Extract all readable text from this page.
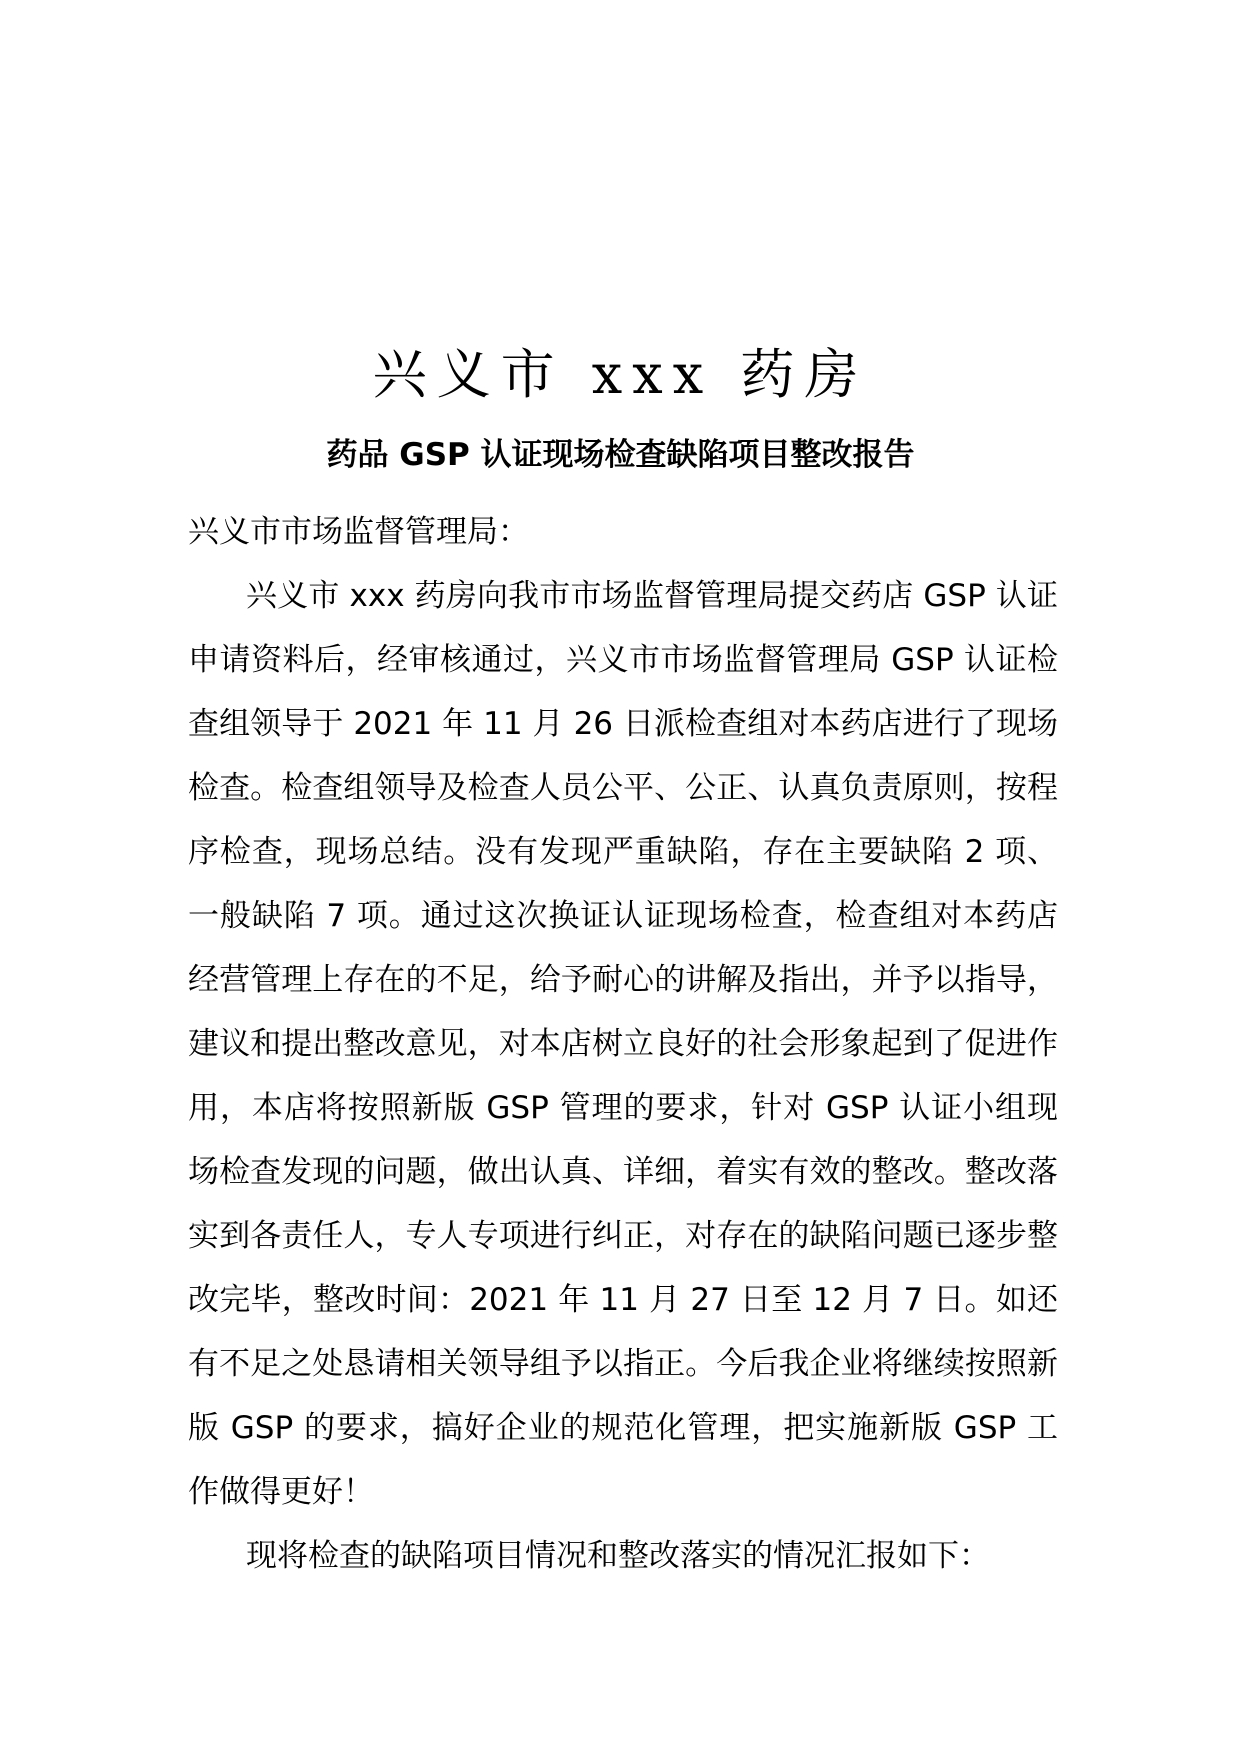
兴义市 xxx 药房
药品 GSP 认证现场检查缺陷项目整改报告

兴义市市场监督管理局：

兴义市 xxx 药房向我市市场监督管理局提交药店 GSP 认证申请资料后，经审核通过，兴义市市场监督管理局 GSP 认证检查组领导于 2021 年 11 月 26 日派检查组对本药店进行了现场检查。检查组领导及检查人员公平、公正、认真负责原则，按程序检查，现场总结。没有发现严重缺陷，存在主要缺陷 2 项、一般缺陷 7 项。通过这次换证认证现场检查，检查组对本药店经营管理上存在的不足，给予耐心的讲解及指出，并予以指导，建议和提出整改意见，对本店树立良好的社会形象起到了促进作用，本店将按照新版 GSP 管理的要求，针对 GSP 认证小组现场检查发现的问题，做出认真、详细，着实有效的整改。整改落实到各责任人，专人专项进行纠正，对存在的缺陷问题已逐步整改完毕，整改时间：2021 年 11 月 27 日至 12 月 7 日。如还有不足之处恳请相关领导组予以指正。今后我企业将继续按照新版 GSP 的要求，搞好企业的规范化管理，把实施新版 GSP 工作做得更好！

现将检查的缺陷项目情况和整改落实的情况汇报如下：
